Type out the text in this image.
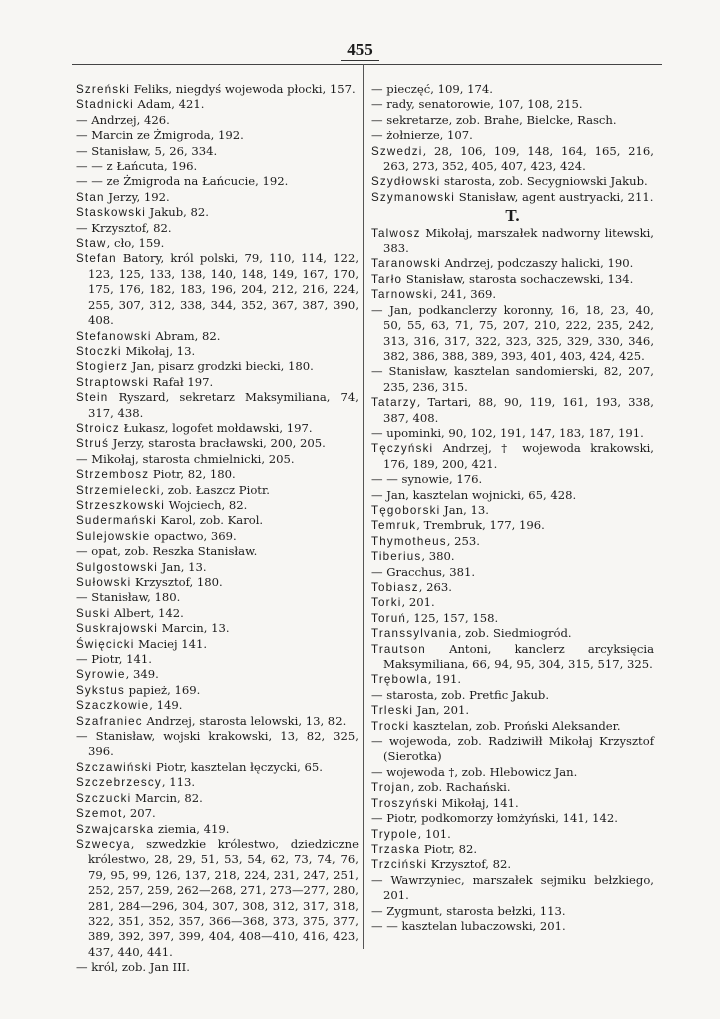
455

Szreński Feliks, niegdyś wojewoda płocki, 157.

Stadnicki Adam, 421.

— Andrzej, 426.

— Marcin ze Żmigroda, 192.

— Stanisław, 5, 26, 334.

— — z Łańcuta, 196.

— — ze Żmigroda na Łańcucie, 192.

Stan Jerzy, 192.

Staskowski Jakub, 82.

— Krzysztof, 82.

Staw, cło, 159.

Stefan Batory, król polski, 79, 110, 114, 122, 123, 125, 133, 138, 140, 148, 149, 167, 170, 175, 176, 182, 183, 196, 204, 212, 216, 224, 255, 307, 312, 338, 344, 352, 367, 387, 390, 408.

Stefanowski Abram, 82.

Stoczki Mikołaj, 13.

Stogierz Jan, pisarz grodzki biecki, 180.

Straptowski Rafał 197.

Stein Ryszard, sekretarz Maksymiliana, 74, 317, 438.

Stroicz Łukasz, logofet mołdawski, 197.

Struś Jerzy, starosta bracławski, 200, 205.

— Mikołaj, starosta chmielnicki, 205.

Strzembosz Piotr, 82, 180.

Strzemielecki, zob. Łaszcz Piotr.

Strzeszkowski Wojciech, 82.

Sudermański Karol, zob. Karol.

Sulejowskie opactwo, 369.

— opat, zob. Reszka Stanisław.

Sulgostowski Jan, 13.

Sułowski Krzysztof, 180.

— Stanisław, 180.

Suski Albert, 142.

Suskrajowski Marcin, 13.

Święcicki Maciej 141.

— Piotr, 141.

Syrowie, 349.

Sykstus papież, 169.

Szaczkowie, 149.

Szafraniec Andrzej, starosta lelowski, 13, 82.

— Stanisław, wojski krakowski, 13, 82, 325, 396.

Szczawiński Piotr, kasztelan łęczycki, 65.

Szczebrzescy, 113.

Szczucki Marcin, 82.

Szemot, 207.

Szwajcarska ziemia, 419.

Szwecya, szwedzkie królestwo, dziedziczne królestwo, 28, 29, 51, 53, 54, 62, 73, 74, 76, 79, 95, 99, 126, 137, 218, 224, 231, 247, 251, 252, 257, 259, 262—268, 271, 273—277, 280, 281, 284—296, 304, 307, 308, 312, 317, 318, 322, 351, 352, 357, 366—368, 373, 375, 377, 389, 392, 397, 399, 404, 408—410, 416, 423, 437, 440, 441.

— król, zob. Jan III.

— pieczęć, 109, 174.

— rady, senatorowie, 107, 108, 215.

— sekretarze, zob. Brahe, Bielcke, Rasch.

— żołnierze, 107.

Szwedzi, 28, 106, 109, 148, 164, 165, 216, 263, 273, 352, 405, 407, 423, 424.

Szydłowski starosta, zob. Secygniowski Jakub.

Szymanowski Stanisław, agent austryacki, 211.

T.

Talwosz Mikołaj, marszałek nadworny litewski, 383.

Taranowski Andrzej, podczaszy halicki, 190.

Tarło Stanisław, starosta sochaczewski, 134.

Tarnowski, 241, 369.

— Jan, podkanclerzy koronny, 16, 18, 23, 40, 50, 55, 63, 71, 75, 207, 210, 222, 235, 242, 313, 316, 317, 322, 323, 325, 329, 330, 346, 382, 386, 388, 389, 393, 401, 403, 424, 425.

— Stanisław, kasztelan sandomierski, 82, 207, 235, 236, 315.

Tatarzy, Tartari, 88, 90, 119, 161, 193, 338, 387, 408.

— upominki, 90, 102, 191, 147, 183, 187, 191.

Tęczyński Andrzej, † wojewoda krakowski, 176, 189, 200, 421.

— — synowie, 176.

— Jan, kasztelan wojnicki, 65, 428.

Tęgoborski Jan, 13.

Temruk, Trembruk, 177, 196.

Thymotheus, 253.

Tiberius, 380.

— Gracchus, 381.

Tobiasz, 263.

Torki, 201.

Toruń, 125, 157, 158.

Transsylvania, zob. Siedmiogród.

Trautson Antoni, kanclerz arcyksięcia Maksymiliana, 66, 94, 95, 304, 315, 517, 325.

Trębowla, 191.

— starosta, zob. Pretfic Jakub.

Trleski Jan, 201.

Trocki kasztelan, zob. Proński Aleksander.

— wojewoda, zob. Radziwiłł Mikołaj Krzysztof (Sierotka)

— wojewoda †, zob. Hlebowicz Jan.

Trojan, zob. Rachański.

Troszyński Mikołaj, 141.

— Piotr, podkomorzy łomżyński, 141, 142.

Trypole, 101.

Trzaska Piotr, 82.

Trzciński Krzysztof, 82.

— Wawrzyniec, marszałek sejmiku bełzkiego, 201.

— Zygmunt, starosta bełzki, 113.

— — kasztelan lubaczowski, 201.
